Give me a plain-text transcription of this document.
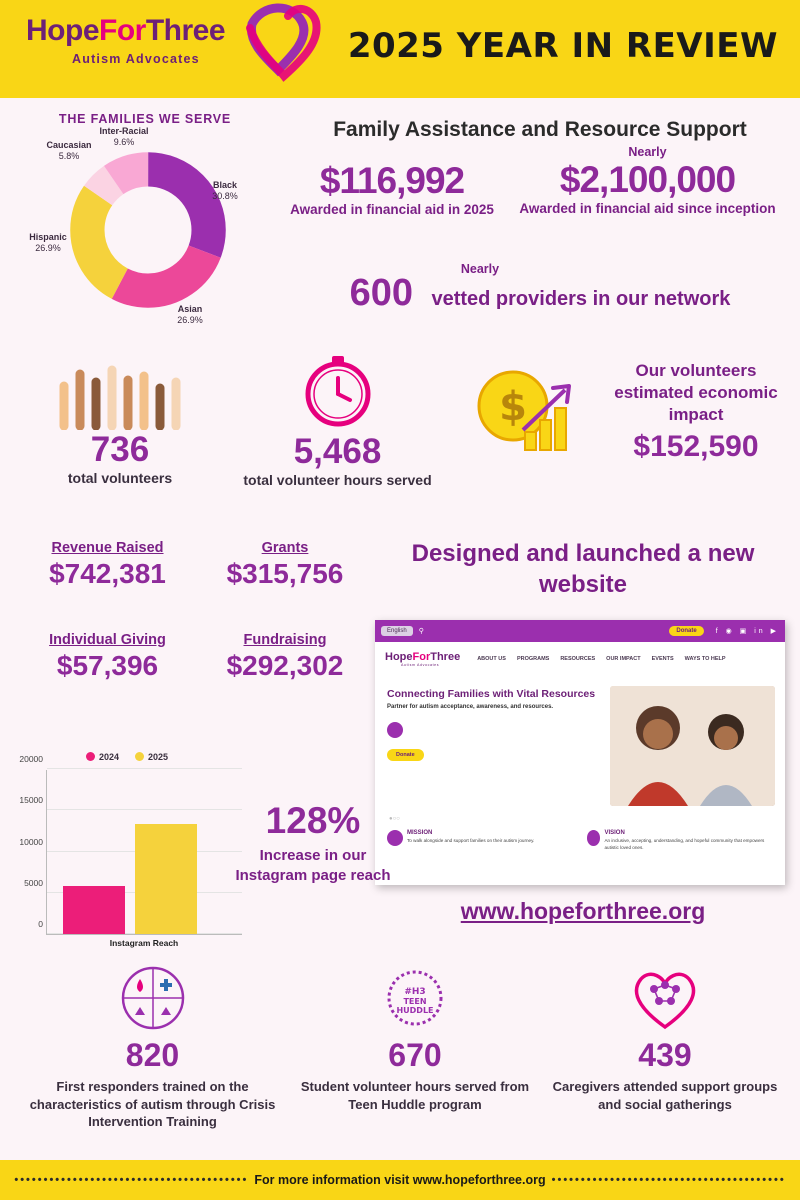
HopeForThree
Autism Advocates	2025 YEAR IN REVIEW
THE FAMILIES WE SERVE
Black
30.8%
Asian
26.9%
Hispanic
26.9%
Caucasian
5.8%
Inter-Racial
9.6%
Family Assistance and Resource Support
$116,992
Awarded in financial aid in 2025
Nearly
$2,100,000
Awarded in financial aid since inception
Nearly
600 vetted providers in our network
736
total volunteers
5,468
total volunteer hours served
$
Our volunteers estimated economic impact
$152,590
Revenue Raised
$742,381
Grants
$315,756
Individual Giving
$57,396
Fundraising
$292,302
Designed and launched a new website
English	⚲	Donate	f ◉ ▣ in ▶
HopeForThree
Autism Advocates
ABOUT US PROGRAMS RESOURCES OUR IMPACT EVENTS WAYS TO HELP
Connecting Families with Vital Resources

Partner for autism acceptance, awareness, and resources.

Donate
●○○
MISSION

To walk alongside and support families on their autism journey.

VISION

An inclusive, accepting, understanding, and hopeful community that empowers autistic loved ones.

www.hopeforthree.org
2024	2025
0
5000
10000
15000
20000
Instagram Reach
128%
Increase in our Instagram page reach
820
First responders trained on the characteristics of autism through Crisis Intervention Training
#H3
TEEN
HUDDLE
670
Student volunteer hours served from Teen Huddle program
439
Caregivers attended support groups and social gatherings
•••••••••••••••••••••••••••••••••••••••• For more information visit www.hopeforthree.org ••••••••••••••••••••••••••••••••••••••••
